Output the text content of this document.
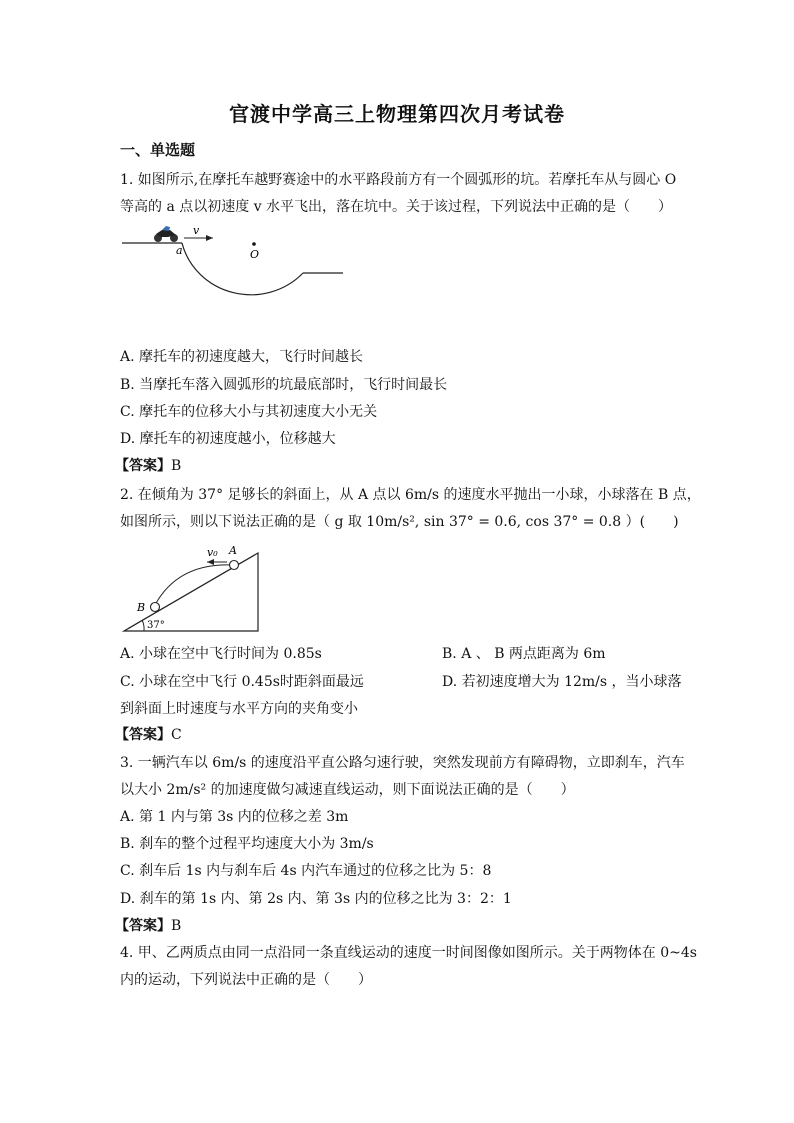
官渡中学高三上物理第四次月考试卷
一、单选题
1. 如图所示,在摩托车越野赛途中的水平路段前方有一个圆弧形的坑。若摩托车从与圆心 O
等高的 a 点以初速度 v 水平飞出，落在坑中。关于该过程，下列说法中正确的是（　　）
v
a	O
A. 摩托车的初速度越大，飞行时间越长
B. 当摩托车落入圆弧形的坑最底部时，飞行时间最长
C. 摩托车的位移大小与其初速度大小无关
D. 摩托车的初速度越小，位移越大
【答案】B
2. 在倾角为 37° 足够长的斜面上，从 A 点以 6m/s 的速度水平抛出一小球，小球落在 B 点，
如图所示，则以下说法正确的是（ g 取 10m/s², sin 37° = 0.6, cos 37° = 0.8 ）(　　)
v₀ A
B
37°
A. 小球在空中飞行时间为 0.85s	B. A 、 B 两点距离为 6m
C. 小球在空中飞行 0.45s时距斜面最远	D. 若初速度增大为 12m/s ，当小球落
到斜面上时速度与水平方向的夹角变小
【答案】C
3. 一辆汽车以 6m/s 的速度沿平直公路匀速行驶，突然发现前方有障碍物，立即刹车，汽车
以大小 2m/s² 的加速度做匀减速直线运动，则下面说法正确的是（　　）
A. 第 1 内与第 3s 内的位移之差 3m
B. 刹车的整个过程平均速度大小为 3m/s
C. 刹车后 1s 内与刹车后 4s 内汽车通过的位移之比为 5：8
D. 刹车的第 1s 内、第 2s 内、第 3s 内的位移之比为 3：2：1
【答案】B
4. 甲、乙两质点由同一点沿同一条直线运动的速度一时间图像如图所示。关于两物体在 0~4s
内的运动，下列说法中正确的是（　　）
